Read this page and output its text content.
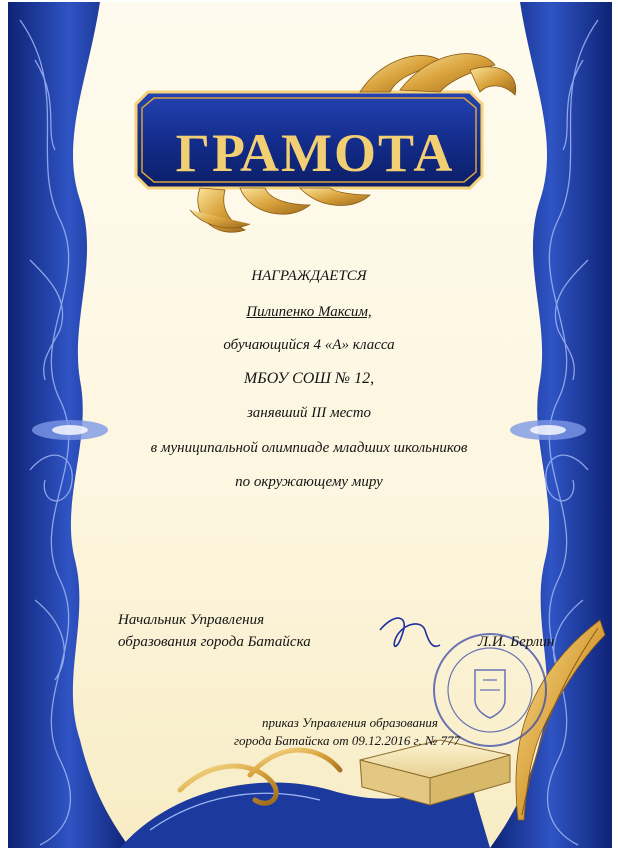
ГРАМОТА
НАГРАЖДАЕТСЯ
Пилипенко Максим,
обучающийся 4 «А» класса
МБОУ СОШ № 12,
занявший III место
в муниципальной олимпиаде младших школьников
по окружающему миру
Начальник Управления
образования города Батайска	Л.И. Берлин
приказ Управления образования
города Батайска от 09.12.2016 г. № 777
